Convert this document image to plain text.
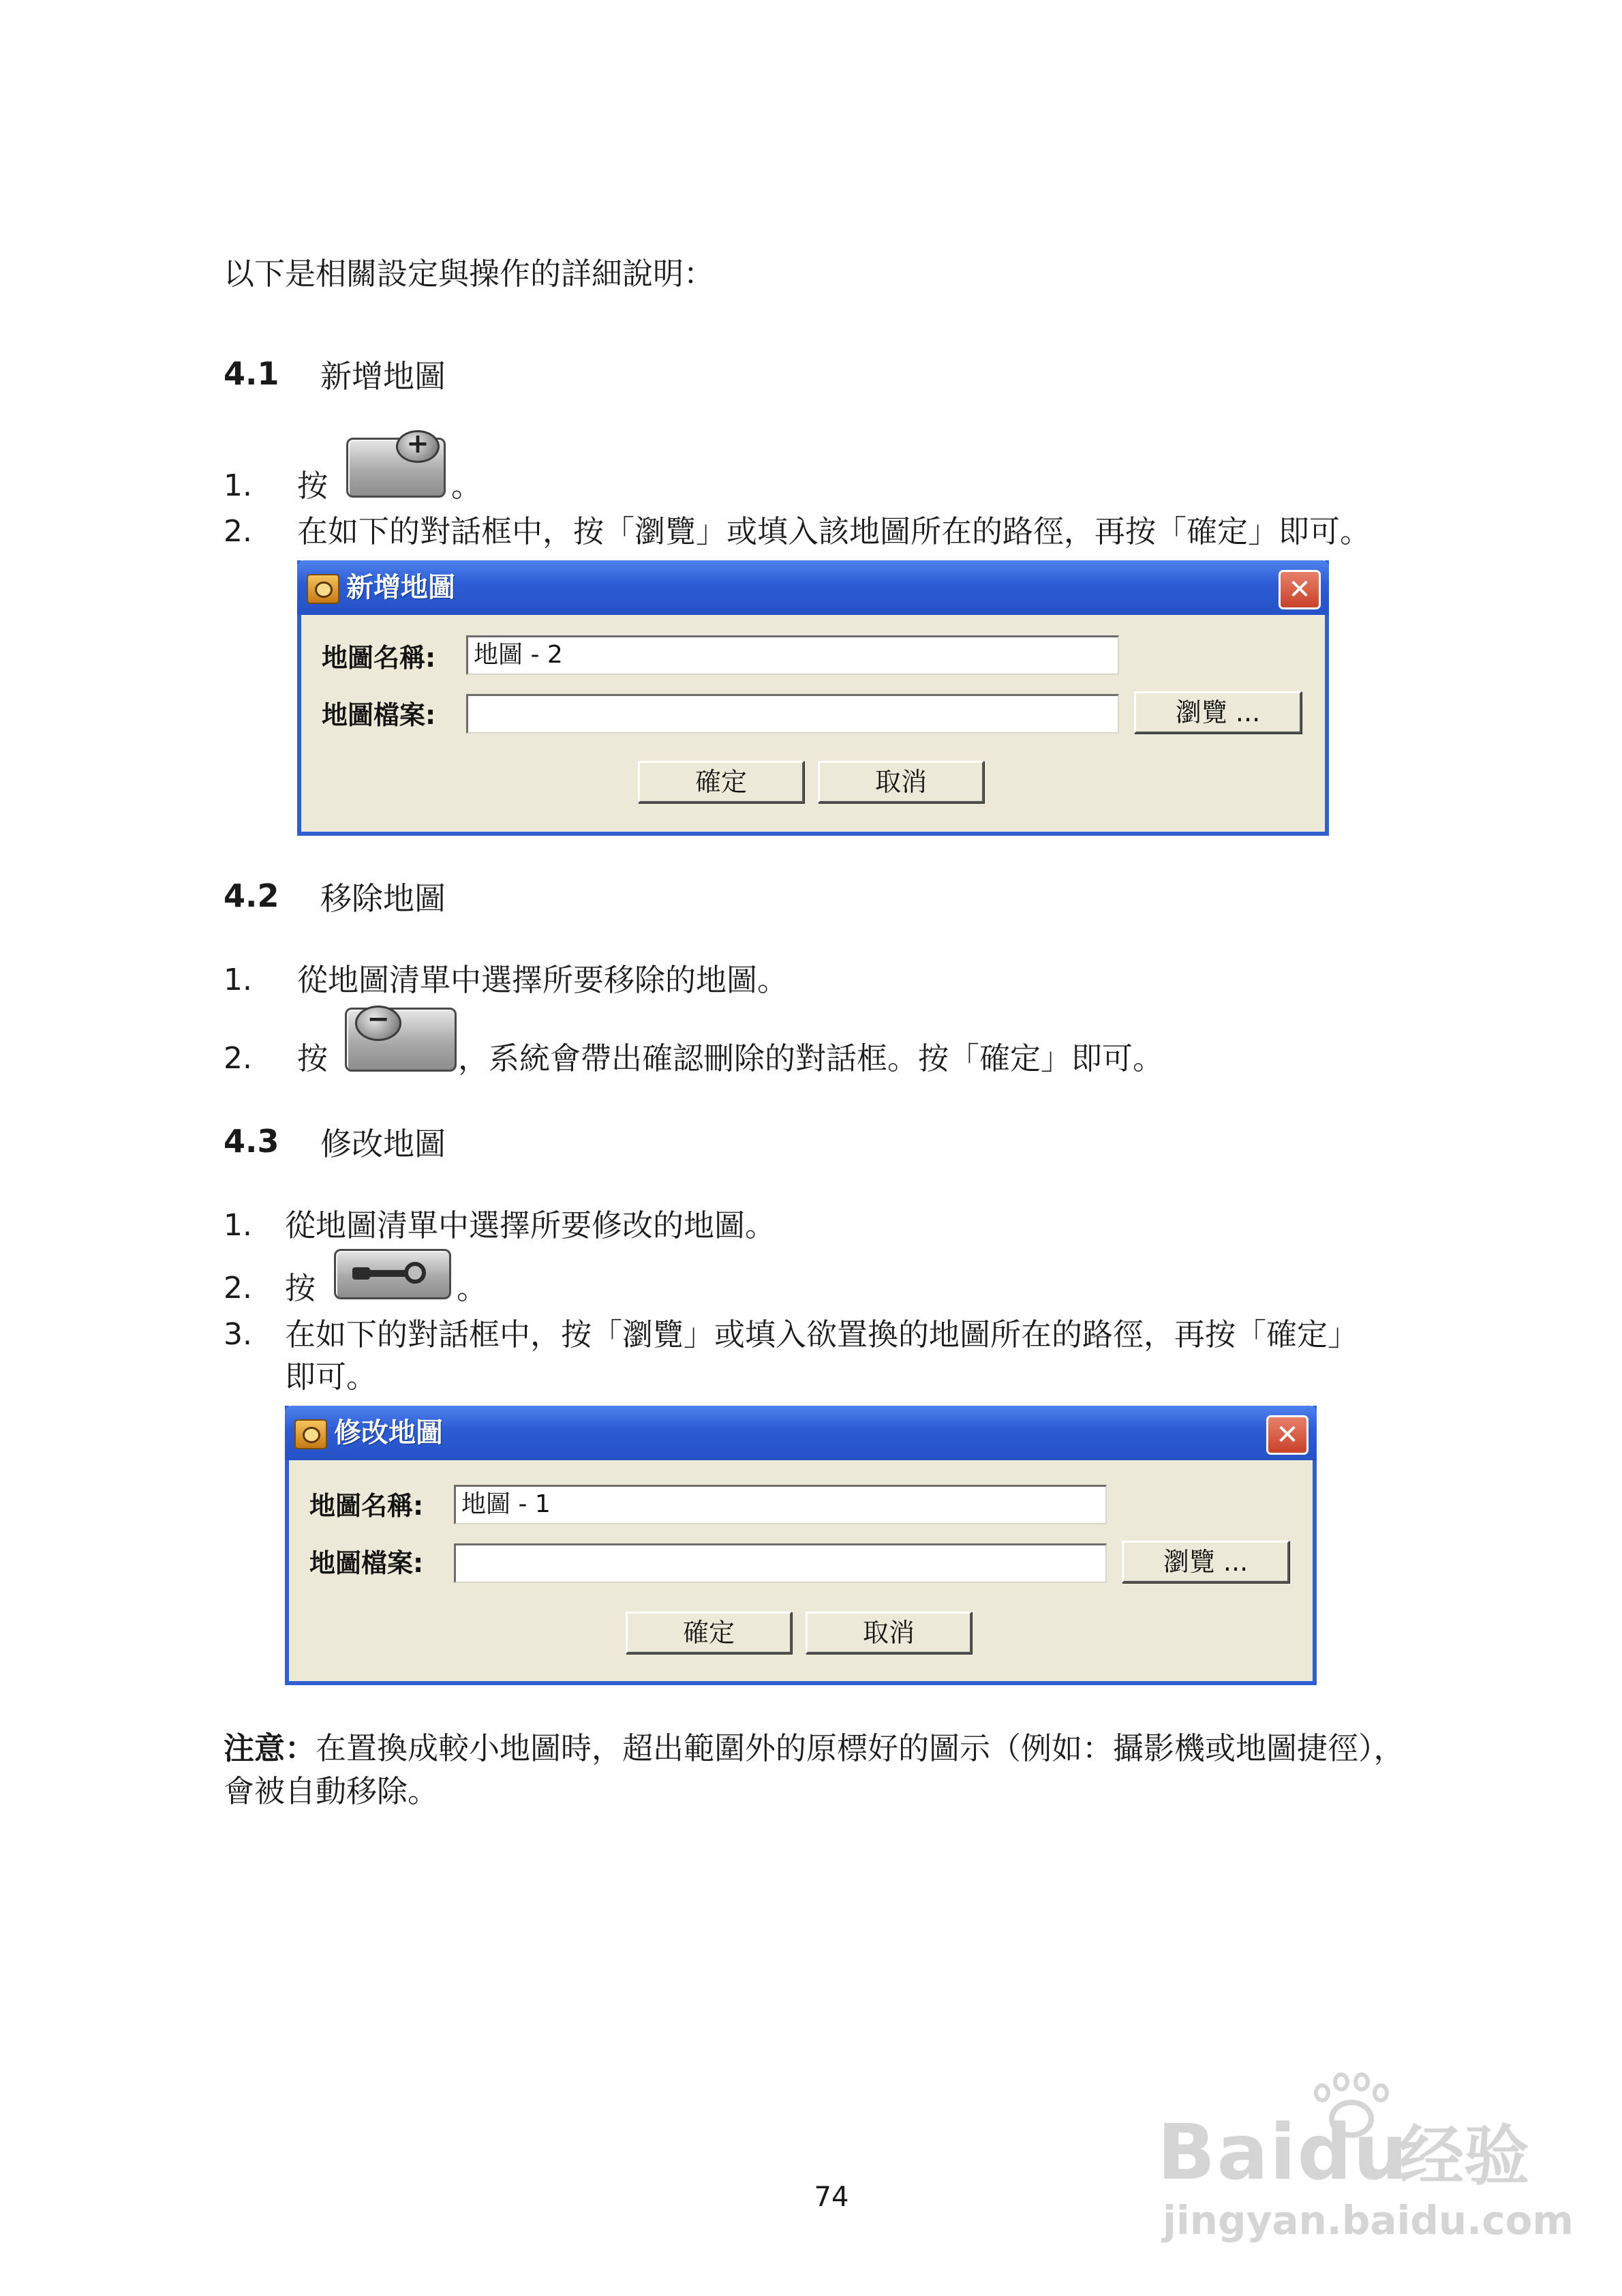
以下是相關設定與操作的詳細說明：
4.1 新增地圖
1. 按
+
。
2. 在如下的對話框中，按「瀏覽」或填入該地圖所在的路徑，再按「確定」即可。
新增地圖	✕
地圖名稱:	地圖 - 2
地圖檔案:	瀏覽 ...
確定	取消
4.2 移除地圖
1. 從地圖清單中選擇所要移除的地圖。
2. 按
−
，系統會帶出確認刪除的對話框。按「確定」即可。
4.3 修改地圖
1. 從地圖清單中選擇所要修改的地圖。
2. 按	。
3. 在如下的對話框中，按「瀏覽」或填入欲置換的地圖所在的路徑，再按「確定」
即可。
修改地圖	✕
地圖名稱:	地圖 - 1
地圖檔案:	瀏覽 ...
確定	取消
注意：在置換成較小地圖時，超出範圍外的原標好的圖示（例如：攝影機或地圖捷徑），
會被自動移除。
74	Baidu
经验
jingyan.baidu.com
